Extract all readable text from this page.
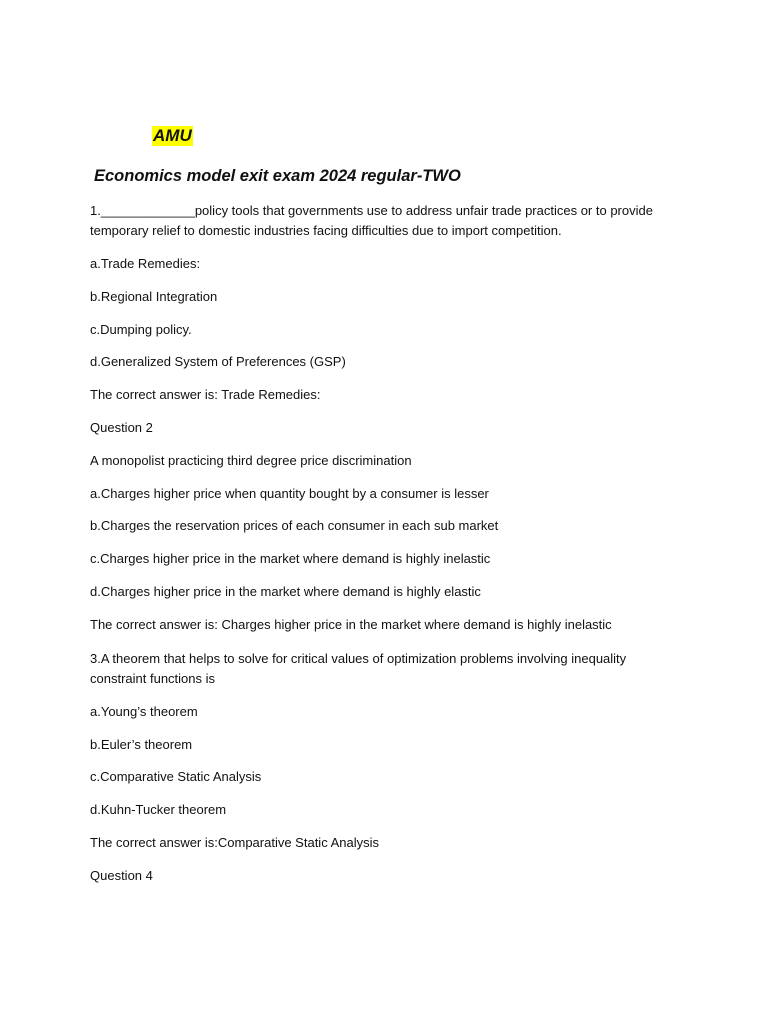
AMU
Economics model exit exam 2024 regular-TWO
1._____________policy tools that governments use to address unfair trade practices or to provide temporary relief to domestic industries facing difficulties due to import competition.
a.Trade Remedies:
b.Regional Integration
c.Dumping policy.
d.Generalized System of Preferences (GSP)
The correct answer is: Trade Remedies:
Question 2
A monopolist practicing third degree price discrimination
a.Charges higher price when quantity bought by a consumer is lesser
b.Charges the reservation prices of each consumer in each sub market
c.Charges higher price in the market where demand is highly inelastic
d.Charges higher price in the market where demand is highly elastic
The correct answer is: Charges higher price in the market where demand is highly inelastic
3.A theorem that helps to solve for critical values of optimization problems involving inequality constraint functions is
a.Young’s theorem
b.Euler’s theorem
c.Comparative Static Analysis
d.Kuhn-Tucker theorem
The correct answer is:Comparative Static Analysis
Question 4
